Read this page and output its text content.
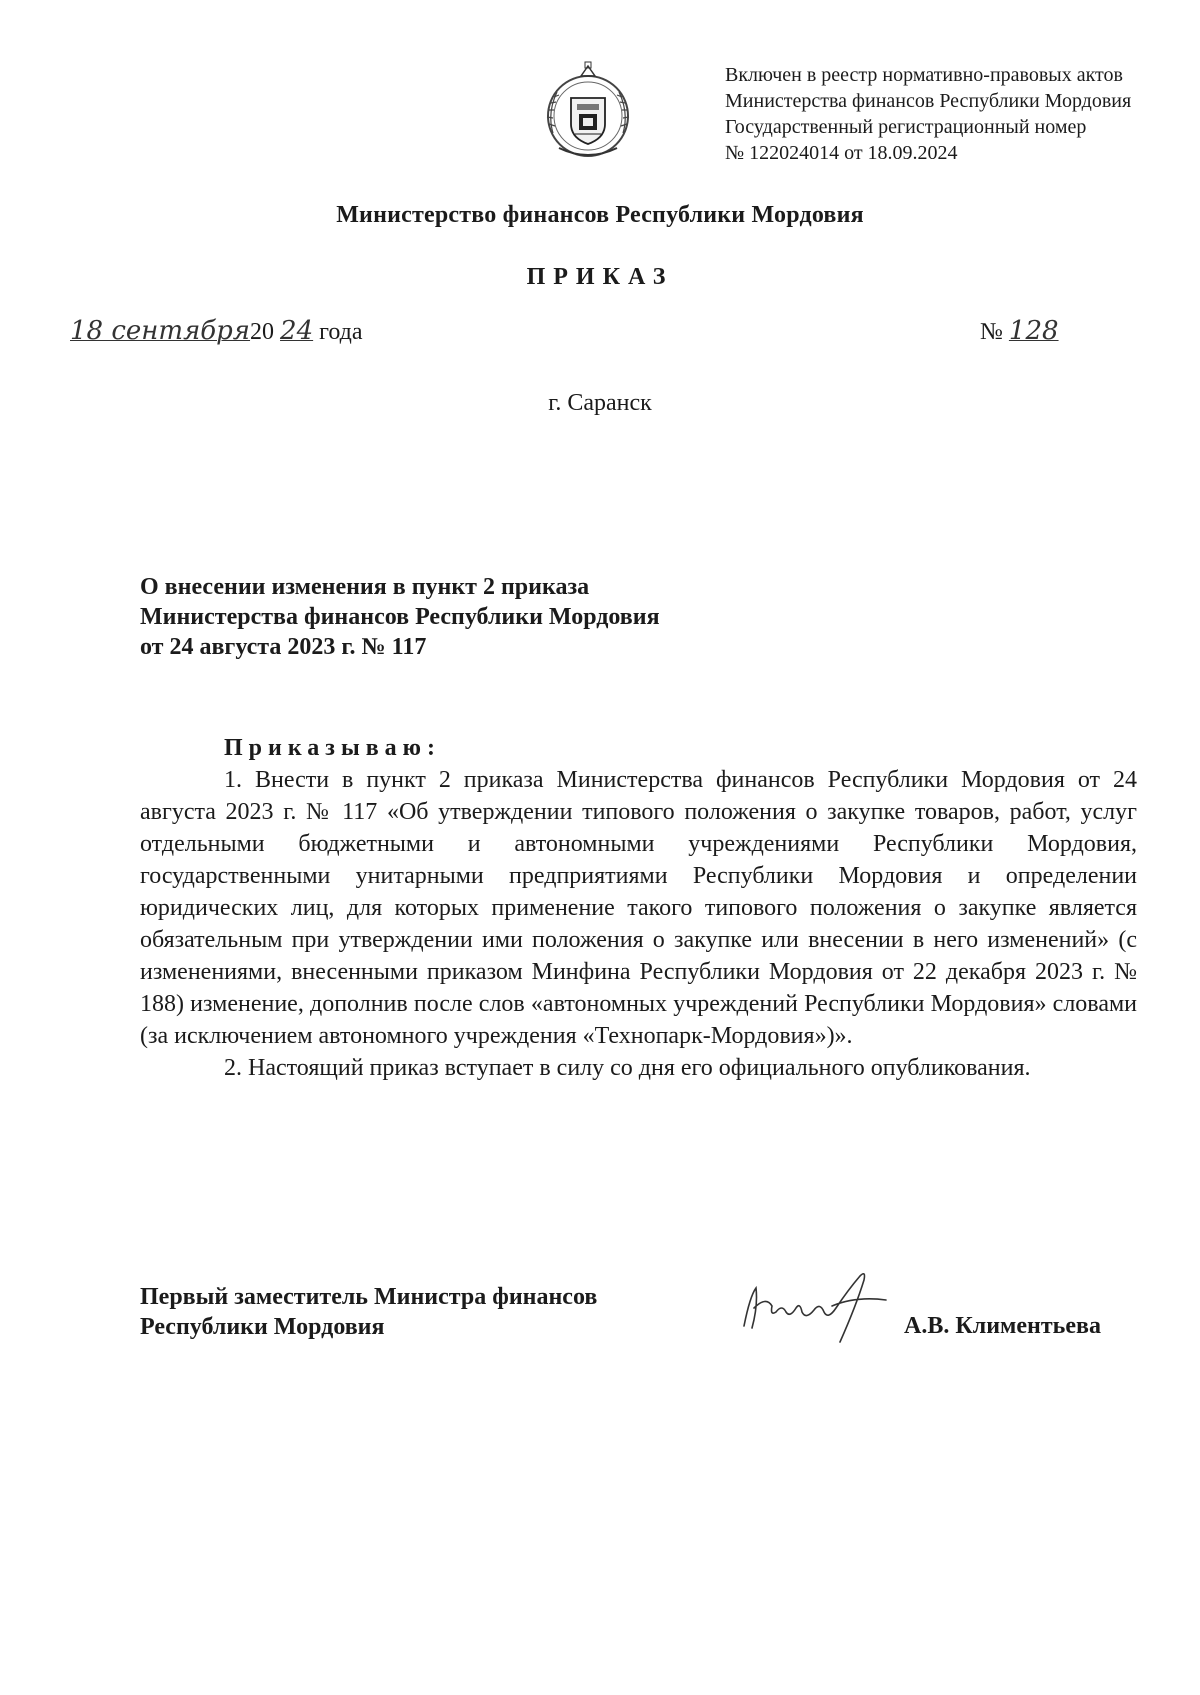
Включен в реестр нормативно-правовых актов
Министерства финансов Республики Мордовия
Государственный регистрационный номер
№ 122024014 от 18.09.2024
Министерство финансов Республики Мордовия
ПРИКАЗ
18 сентября20 24 года	№ 128
г. Саранск
О внесении изменения в пункт 2 приказа
Министерства финансов Республики Мордовия
от 24 августа 2023 г. № 117
Приказываю:

1. Внести в пункт 2 приказа Министерства финансов Республики Мордовия от 24 августа 2023 г. № 117 «Об утверждении типового положения о закупке товаров, работ, услуг отдельными бюджетными и автономными учреждениями Республики Мордовия, государственными унитарными предприятиями Республики Мордовия и определении юридических лиц, для которых применение такого типового положения о закупке является обязательным при утверждении ими положения о закупке или внесении в него изменений» (с изменениями, внесенными приказом Минфина Республики Мордовия от 22 декабря 2023 г. № 188) изменение, дополнив после слов «автономных учреждений Республики Мордовия» словами (за исключением автономного учреждения «Технопарк-Мордовия»)».

2. Настоящий приказ вступает в силу со дня его официального опубликования.

Первый заместитель Министра финансов
Республики Мордовия	А.В. Климентьева
